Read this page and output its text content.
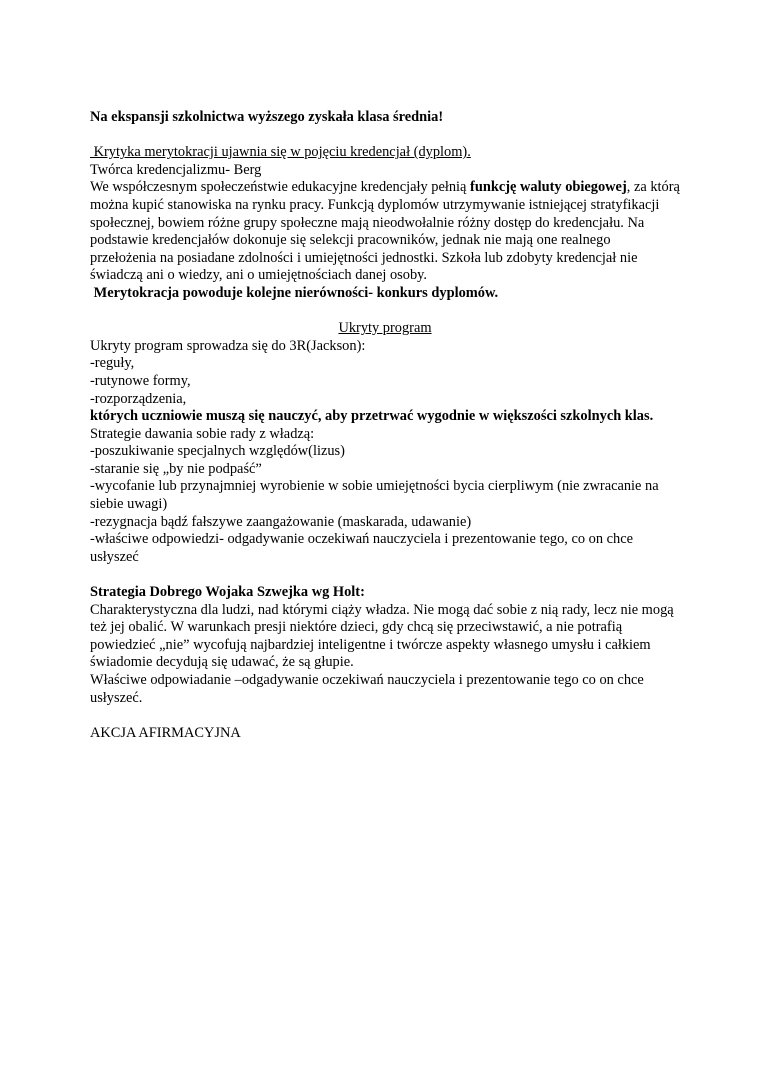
Na ekspansji szkolnictwa wyższego zyskała klasa średnia!

Krytyka merytokracji ujawnia się w pojęciu kredencjał (dyplom).

Twórca kredencjalizmu- Berg

We współczesnym społeczeństwie edukacyjne kredencjały pełnią funkcję waluty obiegowej, za którą można kupić stanowiska na rynku pracy. Funkcją dyplomów utrzymywanie istniejącej stratyfikacji społecznej, bowiem różne grupy społeczne mają nieodwołalnie różny dostęp do kredencjału. Na podstawie kredencjałów dokonuje się selekcji pracowników, jednak nie mają one realnego przełożenia na posiadane zdolności i umiejętności jednostki. Szkoła lub zdobyty kredencjał nie świadczą ani o wiedzy, ani o umiejętnościach danej osoby.

Merytokracja powoduje kolejne nierówności- konkurs dyplomów.

Ukryty program

Ukryty program sprowadza się do 3R(Jackson):

-reguły,

-rutynowe formy,

-rozporządzenia,

których uczniowie muszą się nauczyć, aby przetrwać wygodnie w większości szkolnych klas.

Strategie dawania sobie rady z władzą:

-poszukiwanie specjalnych względów(lizus)

-staranie się „by nie podpaść”

-wycofanie lub przynajmniej wyrobienie w sobie umiejętności bycia cierpliwym (nie zwracanie na siebie uwagi)

-rezygnacja bądź fałszywe zaangażowanie (maskarada, udawanie)

-właściwe odpowiedzi- odgadywanie oczekiwań nauczyciela i prezentowanie tego, co on chce usłyszeć

Strategia Dobrego Wojaka Szwejka wg Holt:

Charakterystyczna dla ludzi, nad którymi ciąży władza. Nie mogą dać sobie z nią rady, lecz nie mogą też jej obalić. W warunkach presji niektóre dzieci, gdy chcą się przeciwstawić, a nie potrafią powiedzieć „nie” wycofują najbardziej inteligentne i twórcze aspekty własnego umysłu i całkiem świadomie decydują się udawać, że są głupie.

Właściwe odpowiadanie –odgadywanie oczekiwań nauczyciela i prezentowanie tego co on chce usłyszeć.

AKCJA AFIRMACYJNA
